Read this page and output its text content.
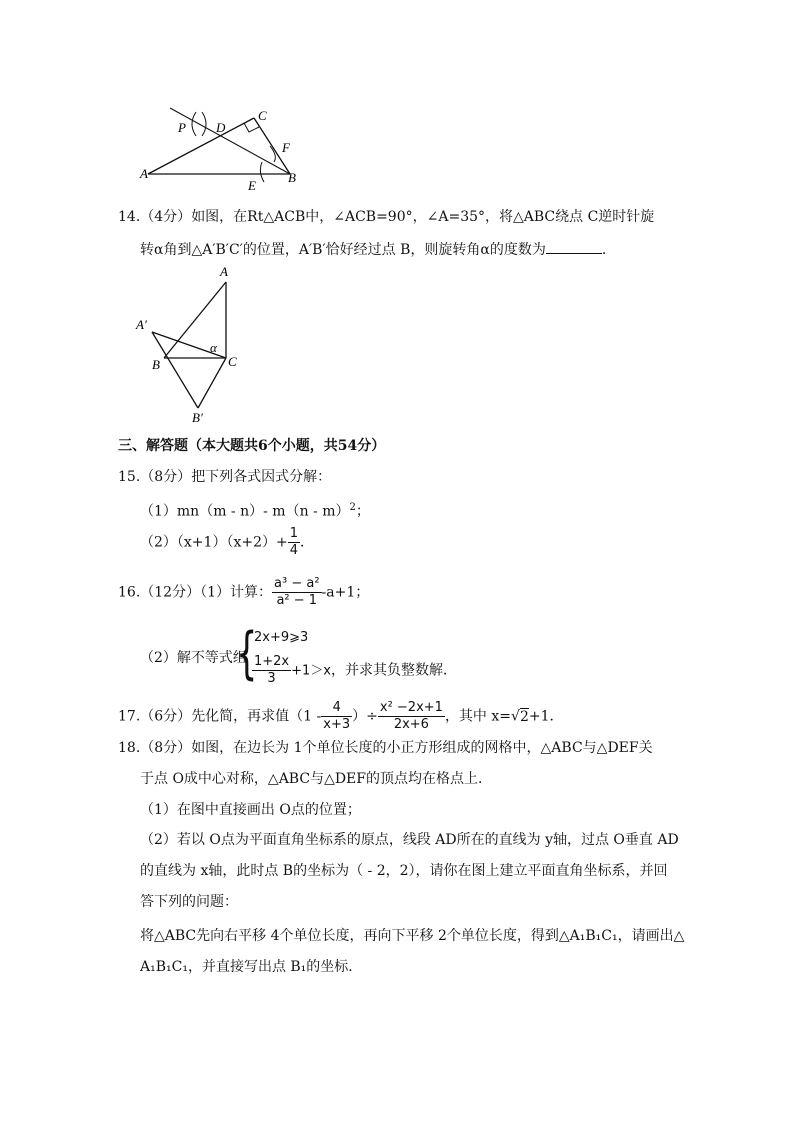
P D
C
F
A
E
B
14.（4分）如图，在Rt△ACB中，∠ACB=90°，∠A=35°，将△ABC绕点 C逆时针旋
转α角到△A′B′C′的位置，A′B′恰好经过点 B，则旋转角α的度数为	．
A
A′
α
B	C
B′
三、解答题（本大题共6个小题，共54分）
15.（8分）把下列各式因式分解：
（1）mn（m - n）- m（n - m）$^2$；
$(2)(x+1)(x+2)+ \frac{1}{4}$ ．
16.（12分）（1）计算： $\frac{\text{a³ − a²}}{\text{a² − 1}} -a+1$；
（2）解不等式组
{
2x+9⩾3
$\frac{1+2x}{3} +1>x$，并求其负整数解．
17.（6分）先化简，再求值（$1 - \frac{4}{x+3}$ ）÷ $\frac{\text{x² −2x+1}}{2x+6}$ ，其中 x=√2+1．
18.（8分）如图，在边长为 1个单位长度的小正方形组成的网格中，△ABC与△DEF关
于点 O成中心对称，△ABC与△DEF的顶点均在格点上．
（1）在图中直接画出 O点的位置；
（2）若以 O点为平面直角坐标系的原点，线段 AD所在的直线为 y轴，过点 O垂直 AD
的直线为 x轴，此时点 B的坐标为（ - 2，2），请你在图上建立平面直角坐标系，并回
答下列的问题：
将△ABC先向右平移 4个单位长度，再向下平移 2个单位长度，得到△A₁B₁C₁，请画出△
A₁B₁C₁，并直接写出点 B₁的坐标．
